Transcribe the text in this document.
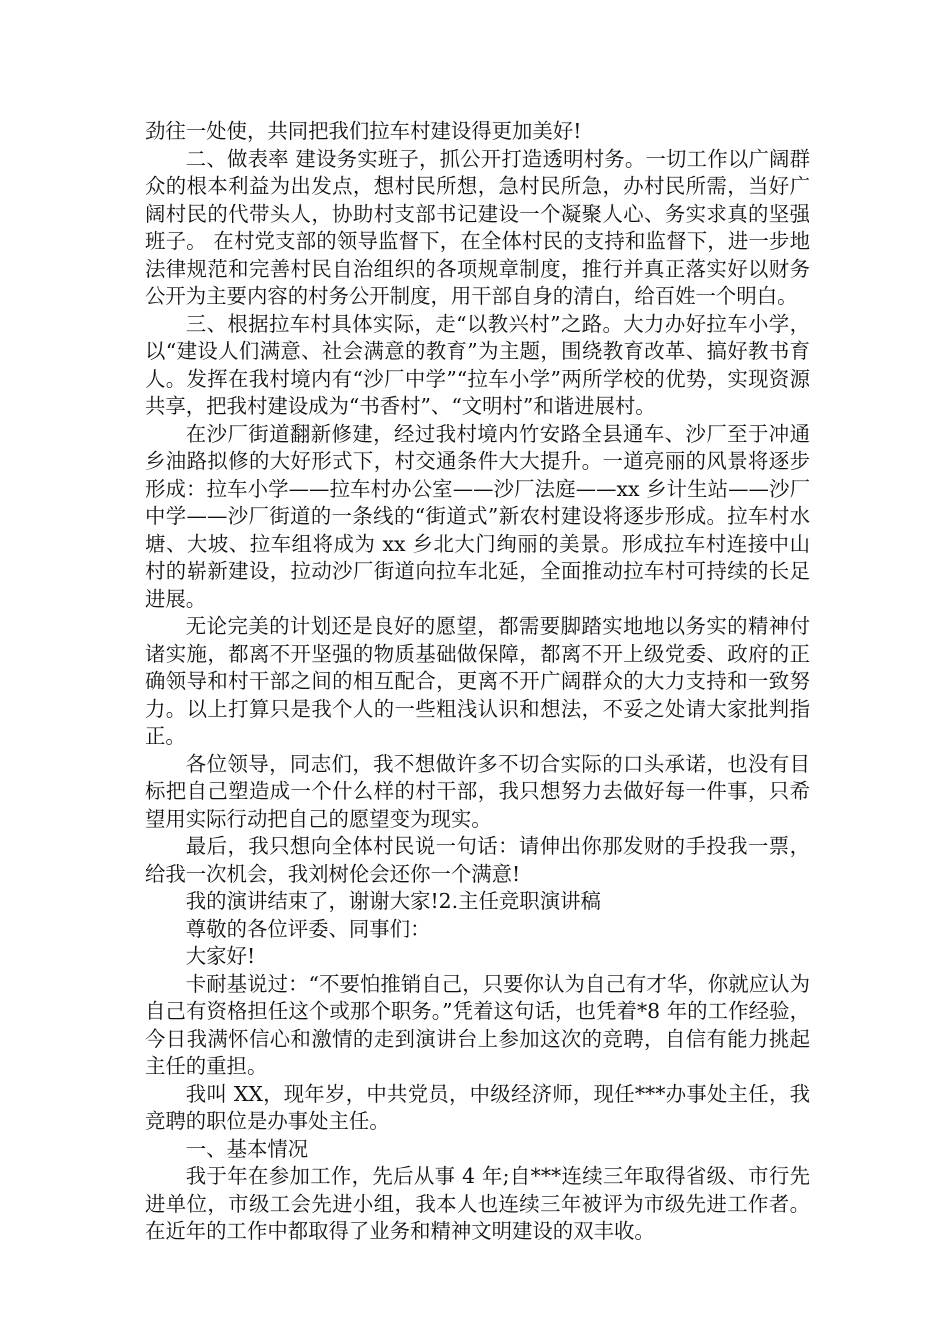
劲往一处使，共同把我们拉车村建设得更加美好!

二、做表率 建设务实班子，抓公开打造透明村务。一切工作以广阔群众的根本利益为出发点，想村民所想，急村民所急，办村民所需，当好广阔村民的代带头人，协助村支部书记建设一个凝聚人心、务实求真的坚强班子。 在村党支部的领导监督下，在全体村民的支持和监督下，进一步地法律规范和完善村民自治组织的各项规章制度，推行并真正落实好以财务公开为主要内容的村务公开制度，用干部自身的清白，给百姓一个明白。

三、根据拉车村具体实际，走“以教兴村”之路。大力办好拉车小学，以“建设人们满意、社会满意的教育”为主题，围绕教育改革、搞好教书育人。发挥在我村境内有“沙厂中学”“拉车小学”两所学校的优势，实现资源共享，把我村建设成为“书香村”、“文明村”和谐进展村。

在沙厂街道翻新修建，经过我村境内竹安路全县通车、沙厂至于冲通乡油路拟修的大好形式下，村交通条件大大提升。一道亮丽的风景将逐步形成：拉车小学——拉车村办公室——沙厂法庭——xx 乡计生站——沙厂中学——沙厂街道的一条线的“街道式”新农村建设将逐步形成。拉车村水塘、大坡、拉车组将成为 xx 乡北大门绚丽的美景。形成拉车村连接中山村的崭新建设，拉动沙厂街道向拉车北延，全面推动拉车村可持续的长足进展。

无论完美的计划还是良好的愿望，都需要脚踏实地地以务实的精神付诸实施，都离不开坚强的物质基础做保障，都离不开上级党委、政府的正确领导和村干部之间的相互配合，更离不开广阔群众的大力支持和一致努力。以上打算只是我个人的一些粗浅认识和想法，不妥之处请大家批判指正。

各位领导，同志们，我不想做许多不切合实际的口头承诺，也没有目标把自己塑造成一个什么样的村干部，我只想努力去做好每一件事，只希望用实际行动把自己的愿望变为现实。

最后，我只想向全体村民说一句话：请伸出你那发财的手投我一票，给我一次机会，我刘树伦会还你一个满意!

我的演讲结束了，谢谢大家!2.主任竞职演讲稿

尊敬的各位评委、同事们：

大家好!

卡耐基说过：“不要怕推销自己，只要你认为自己有才华，你就应认为自己有资格担任这个或那个职务。”凭着这句话，也凭着*8 年的工作经验，今日我满怀信心和激情的走到演讲台上参加这次的竞聘，自信有能力挑起主任的重担。

我叫 XX，现年岁，中共党员，中级经济师，现任***办事处主任，我竞聘的职位是办事处主任。

一、基本情况

我于年在参加工作，先后从事 4 年;自***连续三年取得省级、市行先进单位，市级工会先进小组，我本人也连续三年被评为市级先进工作者。在近年的工作中都取得了业务和精神文明建设的双丰收。
